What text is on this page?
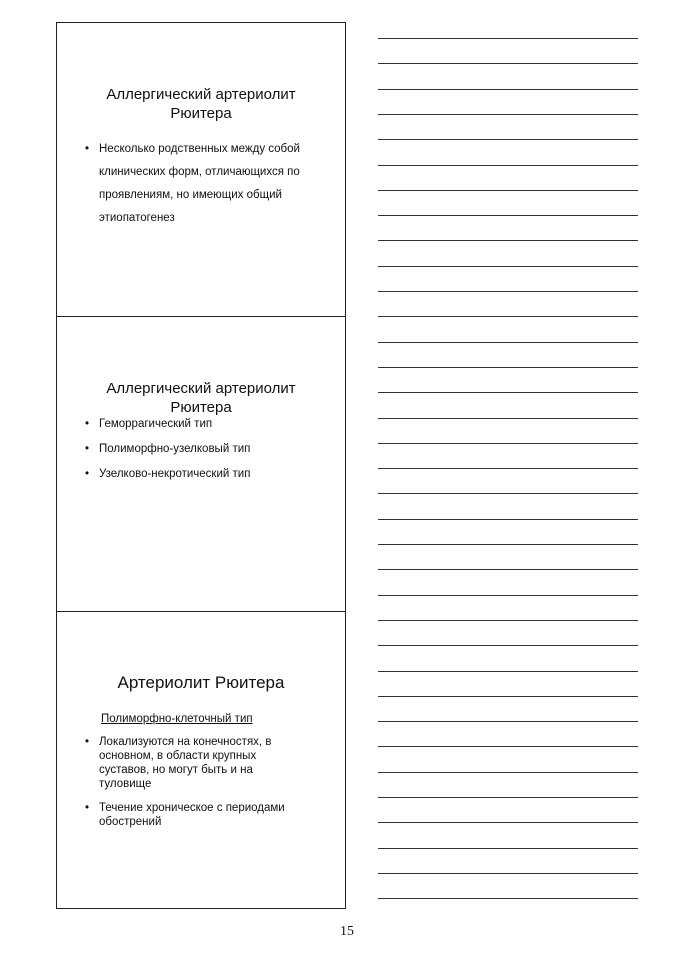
Аллергический артериолит
Рюитера
• Несколько родственных между собой клинических форм, отличающихся по проявлениям, но имеющих общий этиопатогенез
Аллергический артериолит
Рюитера
• Геморрагический тип
• Полиморфно-узелковый тип
• Узелково-некротический тип
Артериолит Рюитера
Полиморфно-клеточный тип
• Локализуются на конечностях, в основном, в области крупных суставов, но могут быть и на туловище
• Течение хроническое с периодами обострений
15
